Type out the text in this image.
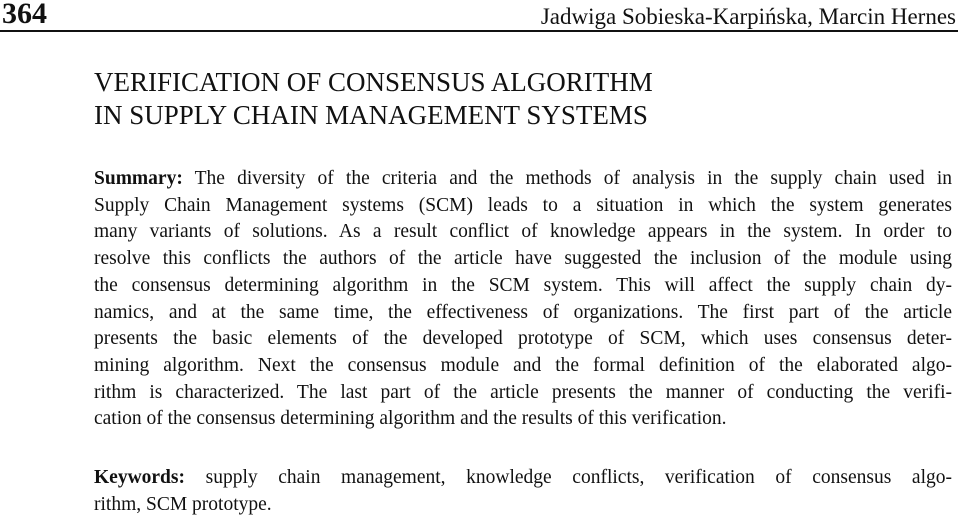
364	Jadwiga Sobieska-Karpińska, Marcin Hernes
VERIFICATION OF CONSENSUS ALGORITHM
IN SUPPLY CHAIN MANAGEMENT SYSTEMS

Summary: The diversity of the criteria and the methods of analysis in the supply chain used in
Supply Chain Management systems (SCM) leads to a situation in which the system generates
many variants of solutions. As a result conflict of knowledge appears in the system. In order to
resolve this conflicts the authors of the article have suggested the inclusion of the module using
the consensus determining algorithm in the SCM system. This will affect the supply chain dy-
namics, and at the same time, the effectiveness of organizations. The first part of the article
presents the basic elements of the developed prototype of SCM, which uses consensus deter-
mining algorithm. Next the consensus module and the formal definition of the elaborated algo-
rithm is characterized. The last part of the article presents the manner of conducting the verifi-
cation of the consensus determining algorithm and the results of this verification.

Keywords: supply chain management, knowledge conflicts, verification of consensus algo-
rithm, SCM prototype.
